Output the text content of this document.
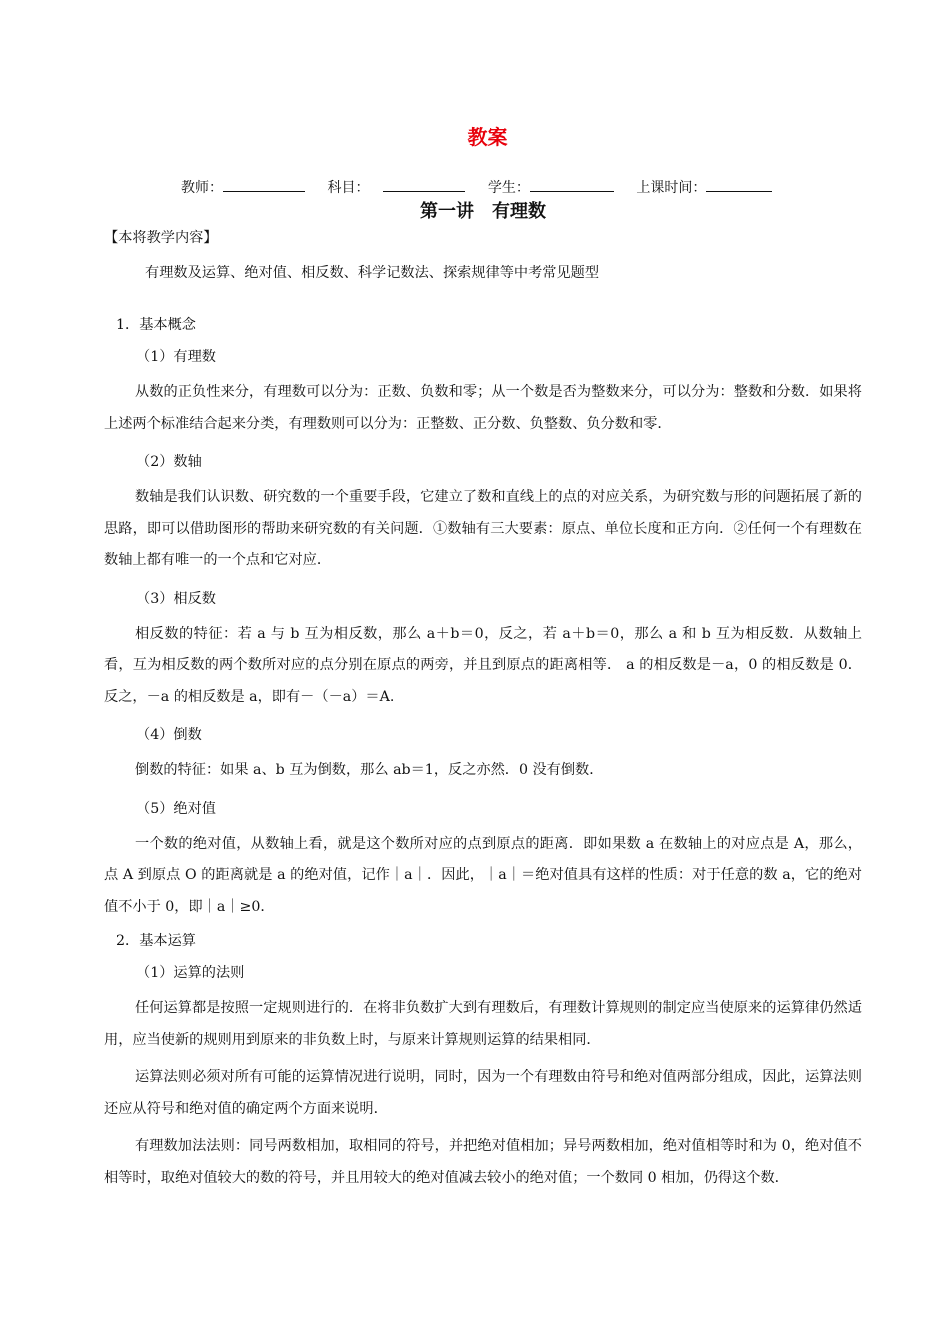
教案
教师：	科目：	学生：	上课时间：
第一讲 有理数
【本将教学内容】
有理数及运算、绝对值、相反数、科学记数法、探索规律等中考常见题型
1．基本概念
（1）有理数
从数的正负性来分，有理数可以分为：正数、负数和零；从一个数是否为整数来分，可以分为：整数和分数．如果将上述两个标准结合起来分类，有理数则可以分为：正整数、正分数、负整数、负分数和零．
（2）数轴
数轴是我们认识数、研究数的一个重要手段，它建立了数和直线上的点的对应关系，为研究数与形的问题拓展了新的思路，即可以借助图形的帮助来研究数的有关问题．①数轴有三大要素：原点、单位长度和正方向．②任何一个有理数在数轴上都有唯一的一个点和它对应．
（3）相反数
相反数的特征：若 a 与 b 互为相反数，那么 a＋b＝0，反之，若 a＋b＝0，那么 a 和 b 互为相反数．从数轴上看，互为相反数的两个数所对应的点分别在原点的两旁，并且到原点的距离相等． a 的相反数是－a，0 的相反数是 0．反之，－a 的相反数是 a，即有－（－a）＝A.
（4）倒数
倒数的特征：如果 a、b 互为倒数，那么 ab＝1，反之亦然．0 没有倒数．
（5）绝对值
一个数的绝对值，从数轴上看，就是这个数所对应的点到原点的距离．即如果数 a 在数轴上的对应点是 A，那么，点 A 到原点 O 的距离就是 a 的绝对值，记作｜a｜．因此，｜a｜＝绝对值具有这样的性质：对于任意的数 a，它的绝对值不小于 0，即｜a｜≥0．
2．基本运算
（1）运算的法则
任何运算都是按照一定规则进行的．在将非负数扩大到有理数后，有理数计算规则的制定应当使原来的运算律仍然适用，应当使新的规则用到原来的非负数上时，与原来计算规则运算的结果相同．
运算法则必须对所有可能的运算情况进行说明，同时，因为一个有理数由符号和绝对值两部分组成，因此，运算法则还应从符号和绝对值的确定两个方面来说明．
有理数加法法则：同号两数相加，取相同的符号，并把绝对值相加；异号两数相加，绝对值相等时和为 0，绝对值不相等时，取绝对值较大的数的符号，并且用较大的绝对值减去较小的绝对值；一个数同 0 相加，仍得这个数．
